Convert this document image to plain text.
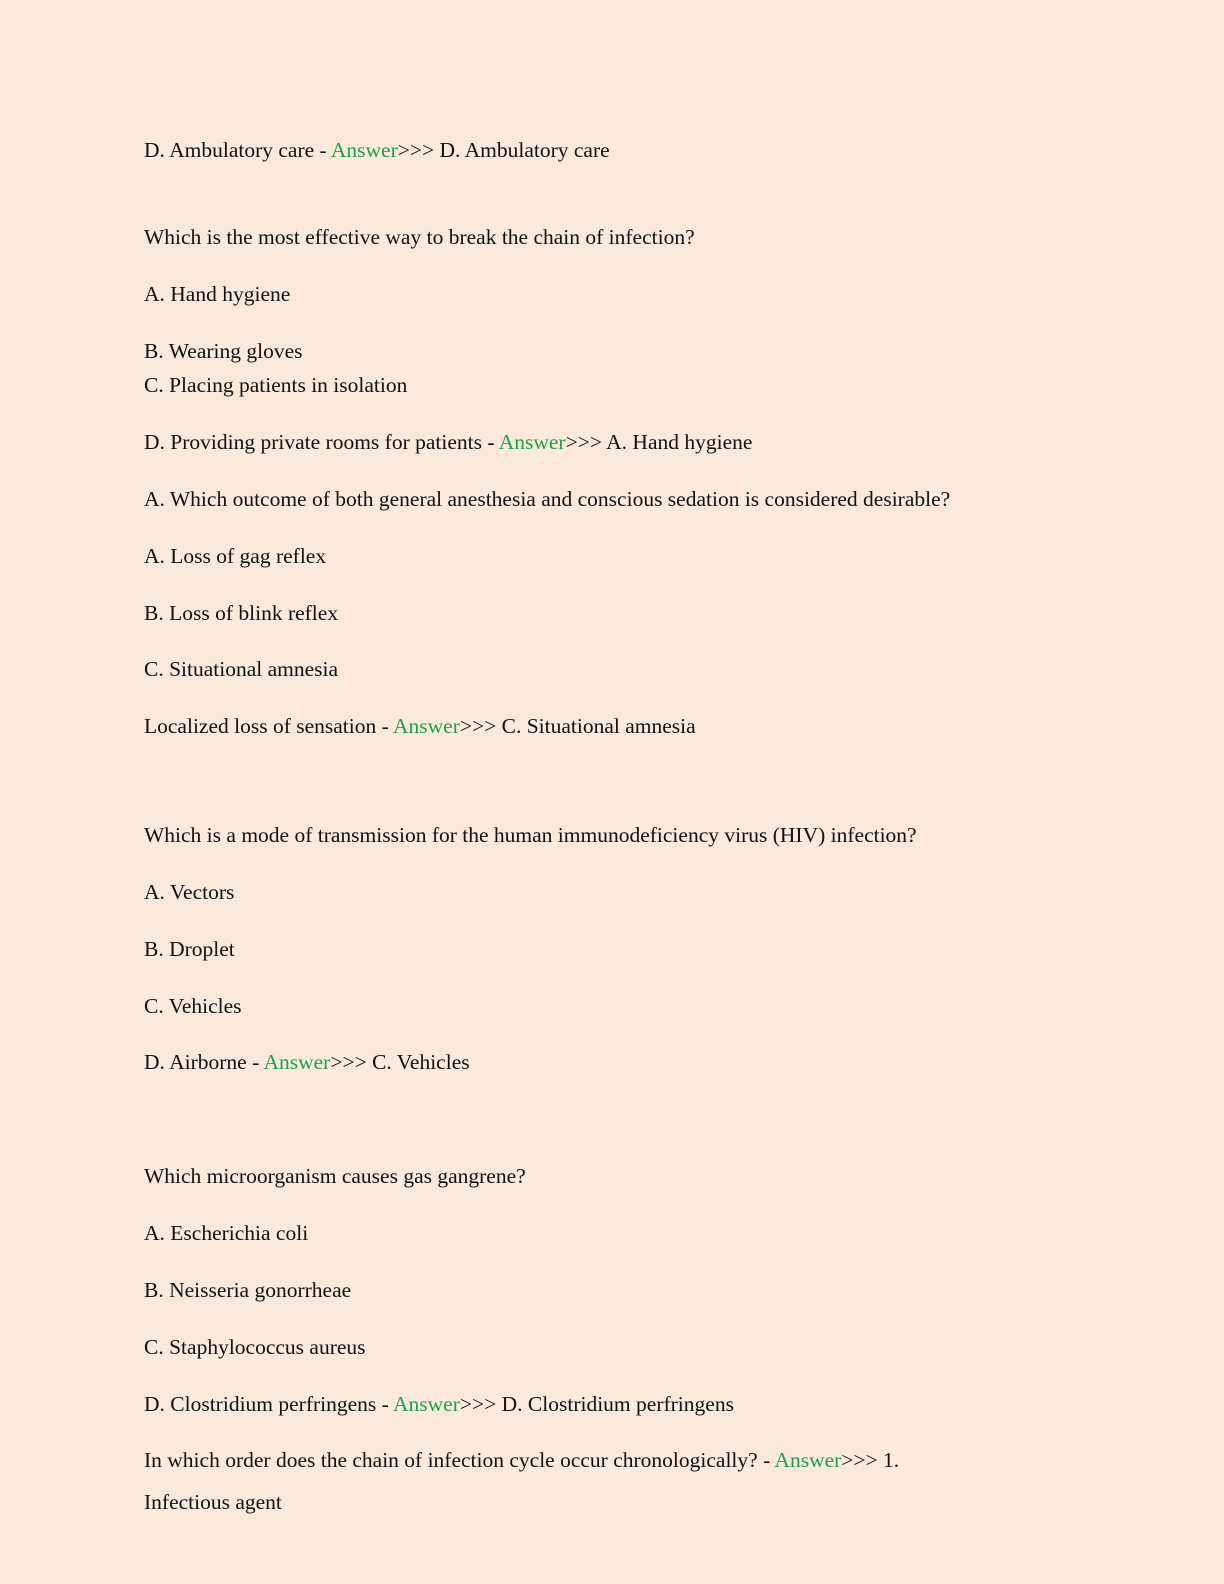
D. Ambulatory care - Answer>>> D. Ambulatory care
Which is the most effective way to break the chain of infection?
A. Hand hygiene
B. Wearing gloves
C. Placing patients in isolation
D. Providing private rooms for patients - Answer>>> A. Hand hygiene
A. Which outcome of both general anesthesia and conscious sedation is considered desirable?
A. Loss of gag reflex
B. Loss of blink reflex
C. Situational amnesia
Localized loss of sensation - Answer>>> C. Situational amnesia
Which is a mode of transmission for the human immunodeficiency virus (HIV) infection?
A. Vectors
B. Droplet
C. Vehicles
D. Airborne - Answer>>> C. Vehicles
Which microorganism causes gas gangrene?
A. Escherichia coli
B. Neisseria gonorrheae
C. Staphylococcus aureus
D. Clostridium perfringens - Answer>>> D. Clostridium perfringens
In which order does the chain of infection cycle occur chronologically? - Answer>>> 1.
Infectious agent
